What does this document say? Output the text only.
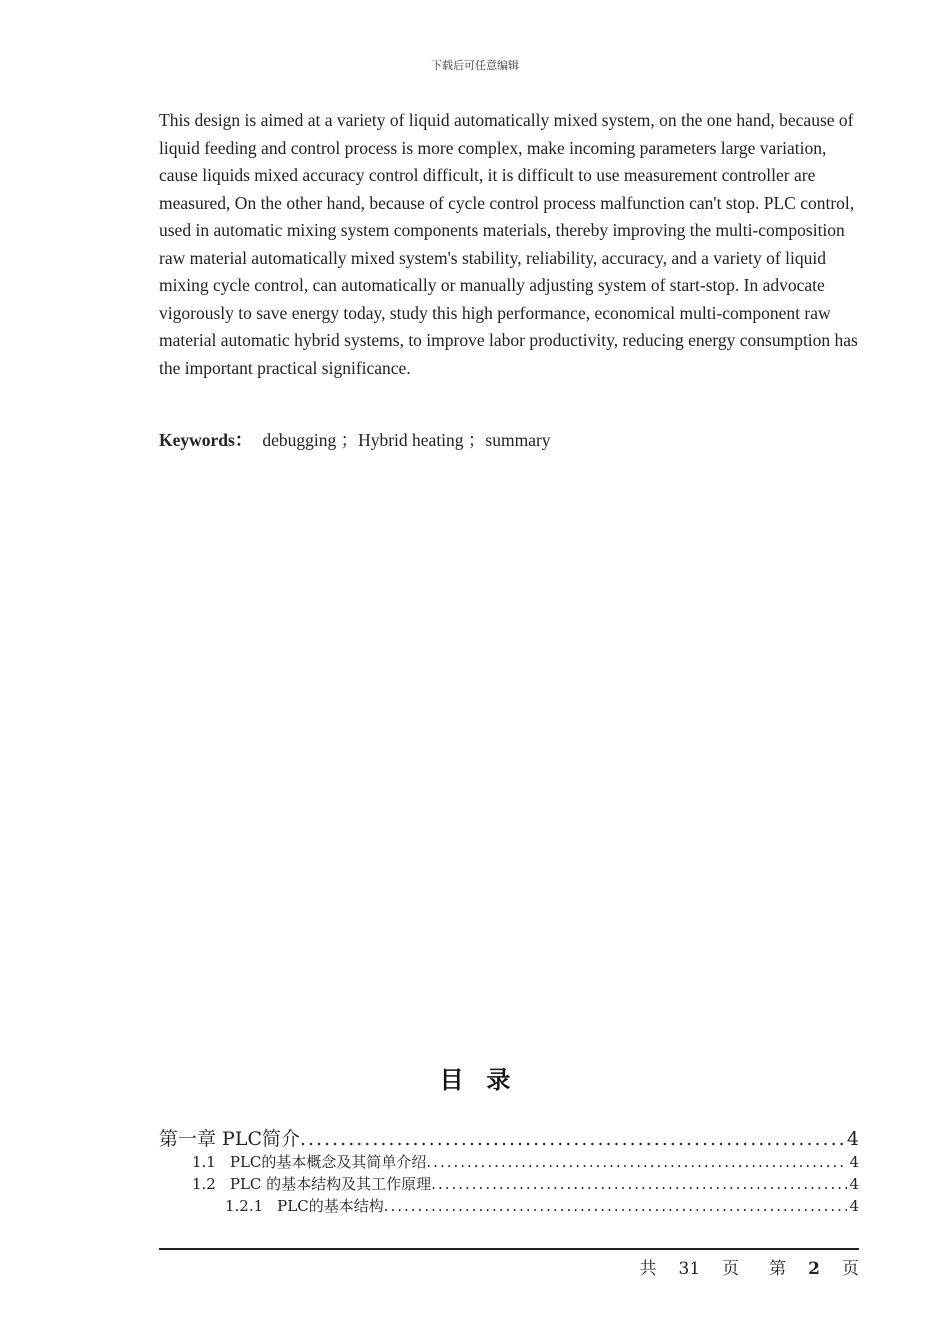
下载后可任意编辑

This design is aimed at a variety of liquid automatically mixed system, on the one hand, because of liquid feeding and control process is more complex, make incoming parameters large variation, cause liquids mixed accuracy control difficult, it is difficult to use measurement controller are measured, On the other hand, because of cycle control process malfunction can't stop. PLC control, used in automatic mixing system components materials, thereby improving the multi-composition raw material automatically mixed system's stability, reliability, accuracy, and a variety of liquid mixing cycle control, can automatically or manually adjusting system of start-stop. In advocate vigorously to save energy today, study this high performance, economical multi-component raw material automatic hybrid systems, to improve labor productivity, reducing energy consumption has the important practical significance.

Keywords： debugging ；Hybrid heating ；summary
目 录
第一章 PLC简介 .....	4
1.1 PLC的基本概念及其简单介绍 .....	4
1.2 PLC 的基本结构及其工作原理 .....	4
1.2.1 PLC的基本结构 .....	4
共 31 页 第 2 页
